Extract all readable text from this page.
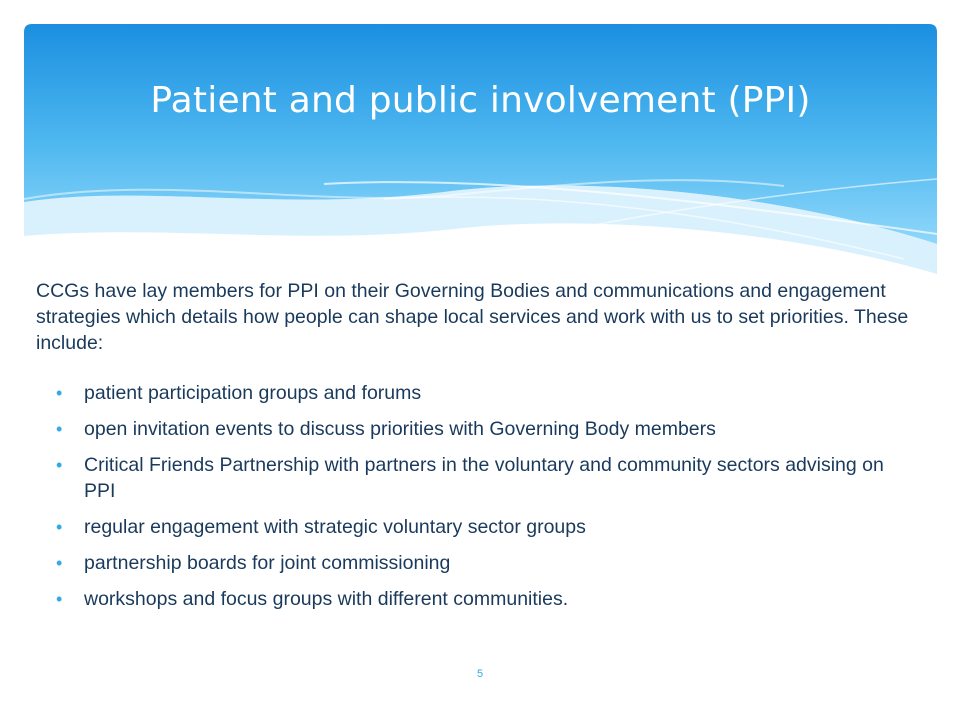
Patient and public involvement (PPI)
CCGs have lay members for PPI on their Governing Bodies and communications and engagement strategies which details how people can shape local services and work with us to set priorities. These include:
• patient participation groups and forums
• open invitation events to discuss priorities with Governing Body members
• Critical Friends Partnership with partners in the voluntary and community sectors advising on PPI
• regular engagement with strategic voluntary sector groups
• partnership boards for joint commissioning
• workshops and focus groups with different communities.
5
